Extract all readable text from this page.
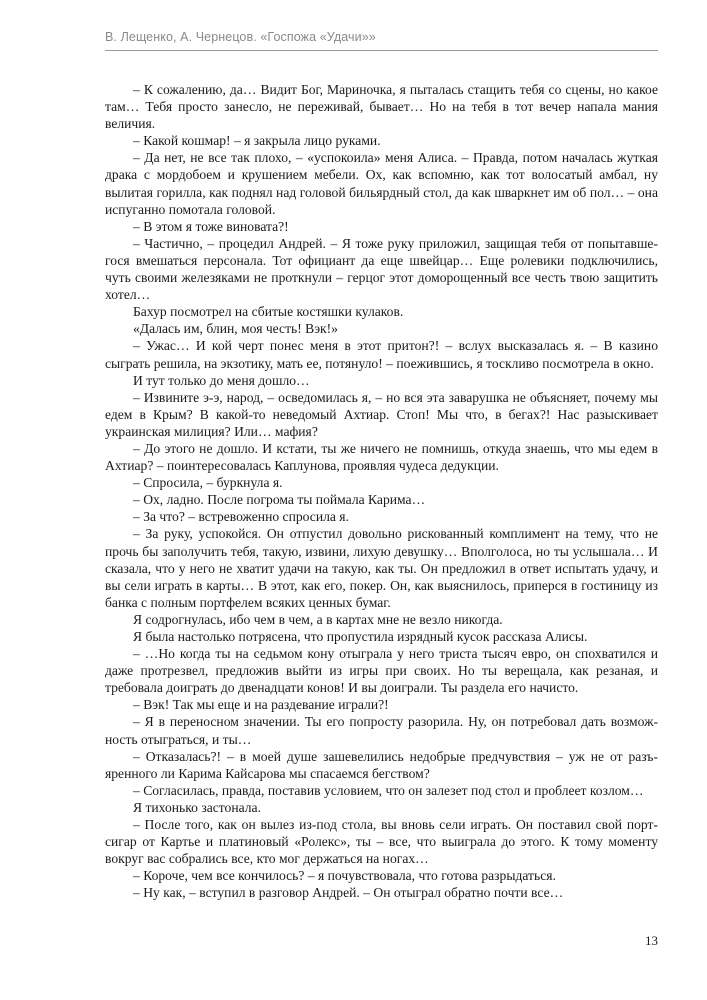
В. Лещенко, А. Чернецов. «Госпожа «Удачи»»

– К сожалению, да… Видит Бог, Мариночка, я пыталась стащить тебя со сцены, но какое там… Тебя просто занесло, не переживай, бывает… Но на тебя в тот вечер напала мания величия.

– Какой кошмар! – я закрыла лицо руками.

– Да нет, не все так плохо, – «успокоила» меня Алиса. – Правда, потом началась жуткая драка с мордобоем и крушением мебели. Ох, как вспомню, как тот волосатый амбал, ну вылитая горилла, как поднял над головой бильярдный стол, да как шваркнет им об пол… – она испуганно помотала головой.

– В этом я тоже виновата?!

– Частично, – процедил Андрей. – Я тоже руку приложил, защищая тебя от попытавшегося вмешаться персонала. Тот официант да еще швейцар… Еще ролевики подключились, чуть своими железяками не проткнули – герцог этот доморощенный все честь твою защитить хотел…

Бахур посмотрел на сбитые костяшки кулаков.

«Далась им, блин, моя честь! Вэк!»

– Ужас… И кой черт понес меня в этот притон?! – вслух высказалась я. – В казино сыграть решила, на экзотику, мать ее, потянуло! – поежившись, я тоскливо посмотрела в окно.

И тут только до меня дошло…

– Извините э-э, народ, – осведомилась я, – но вся эта заварушка не объясняет, почему мы едем в Крым? В какой-то неведомый Ахтиар. Стоп! Мы что, в бегах?! Нас разыскивает украинская милиция? Или… мафия?

– До этого не дошло. И кстати, ты же ничего не помнишь, откуда знаешь, что мы едем в Ахтиар? – поинтересовалась Каплунова, проявляя чудеса дедукции.

– Спросила, – буркнула я.

– Ох, ладно. После погрома ты поймала Карима…

– За что? – встревоженно спросила я.

– За руку, успокойся. Он отпустил довольно рискованный комплимент на тему, что не прочь бы заполучить тебя, такую, извини, лихую девушку… Вполголоса, но ты услышала… И сказала, что у него не хватит удачи на такую, как ты. Он предложил в ответ испытать удачу, и вы сели играть в карты… В этот, как его, покер. Он, как выяснилось, приперся в гостиницу из банка с полным портфелем всяких ценных бумаг.

Я содрогнулась, ибо чем в чем, а в картах мне не везло никогда.

Я была настолько потрясена, что пропустила изрядный кусок рассказа Алисы.

– …Но когда ты на седьмом кону отыграла у него триста тысяч евро, он спохватился и даже протрезвел, предложив выйти из игры при своих. Но ты верещала, как резаная, и требовала доиграть до двенадцати конов! И вы доиграли. Ты раздела его начисто.

– Вэк! Так мы еще и на раздевание играли?!

– Я в переносном значении. Ты его попросту разорила. Ну, он потребовал дать возможность отыграться, и ты…

– Отказалась?! – в моей душе зашевелились недобрые предчувствия – уж не от разъяренного ли Карима Кайсарова мы спасаемся бегством?

– Согласилась, правда, поставив условием, что он залезет под стол и проблеет козлом…

Я тихонько застонала.

– После того, как он вылез из-под стола, вы вновь сели играть. Он поставил свой портсигар от Картье и платиновый «Ролекс», ты – все, что выиграла до этого. К тому моменту вокруг вас собрались все, кто мог держаться на ногах…

– Короче, чем все кончилось? – я почувствовала, что готова разрыдаться.

– Ну как, – вступил в разговор Андрей. – Он отыграл обратно почти все…

13
